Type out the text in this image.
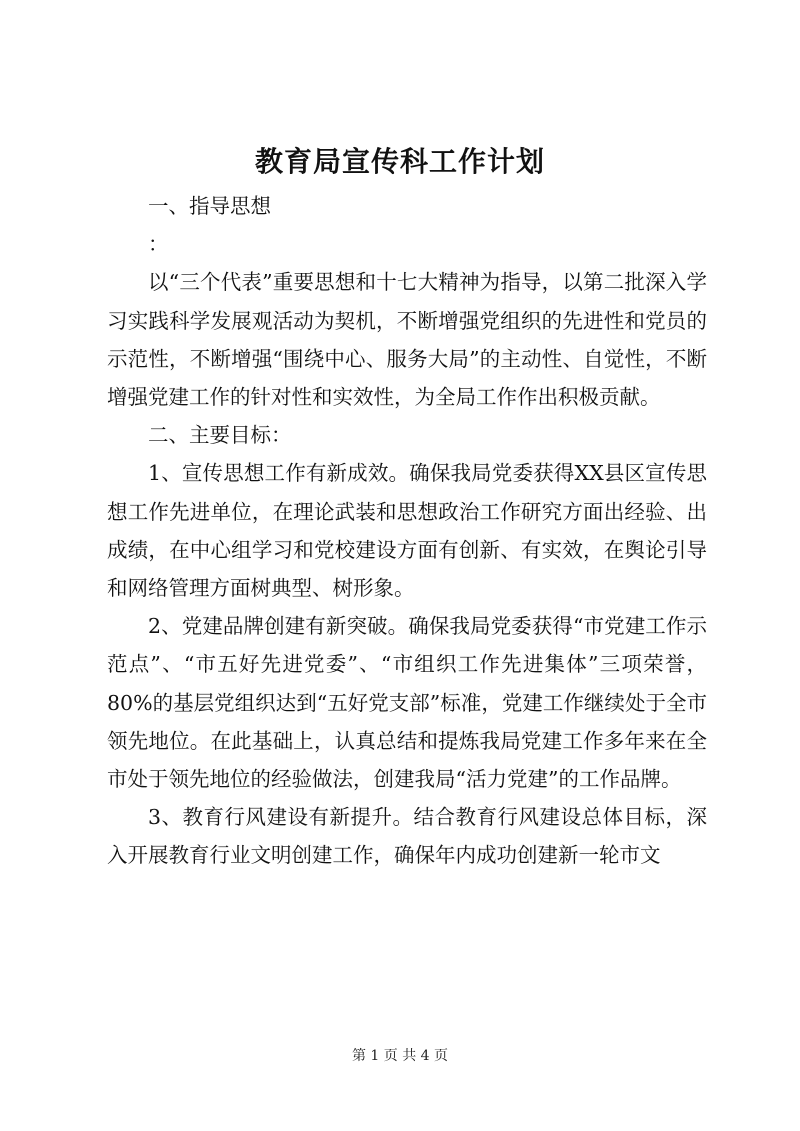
教育局宣传科工作计划

一、指导思想

：

以“三个代表”重要思想和十七大精神为指导，以第二批深入学习实践科学发展观活动为契机，不断增强党组织的先进性和党员的示范性，不断增强“围绕中心、服务大局”的主动性、自觉性，不断增强党建工作的针对性和实效性，为全局工作作出积极贡献。

二、主要目标：

1、宣传思想工作有新成效。确保我局党委获得XX县区宣传思想工作先进单位，在理论武装和思想政治工作研究方面出经验、出成绩，在中心组学习和党校建设方面有创新、有实效，在舆论引导和网络管理方面树典型、树形象。

2、党建品牌创建有新突破。确保我局党委获得“市党建工作示范点”、“市五好先进党委”、“市组织工作先进集体”三项荣誉，80%的基层党组织达到“五好党支部”标准，党建工作继续处于全市领先地位。在此基础上，认真总结和提炼我局党建工作多年来在全市处于领先地位的经验做法，创建我局“活力党建”的工作品牌。

3、教育行风建设有新提升。结合教育行风建设总体目标，深入开展教育行业文明创建工作，确保年内成功创建新一轮市文

第 1 页 共 4 页
